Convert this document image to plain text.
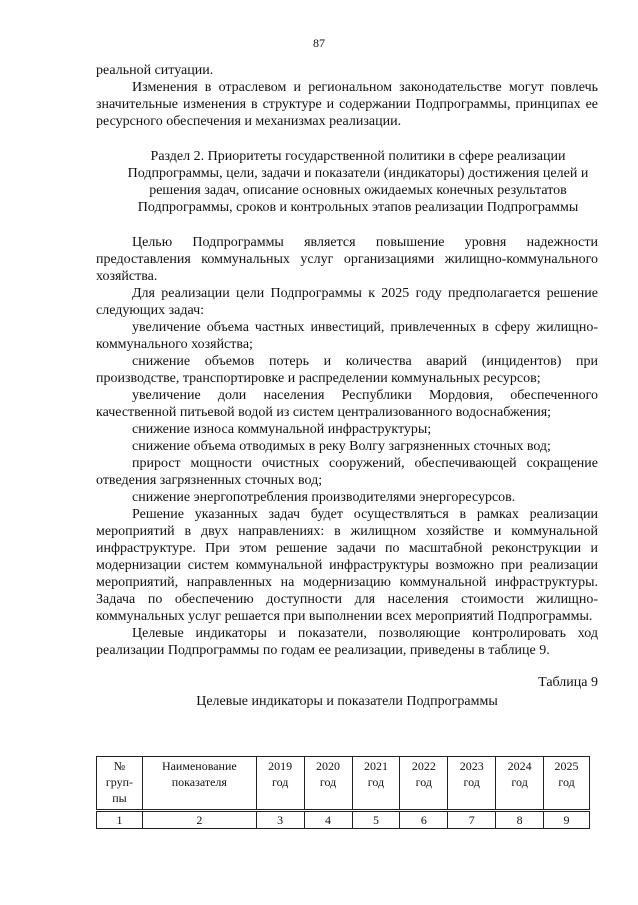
87

реальной ситуации.

Изменения в отраслевом и региональном законодательстве могут повлечь значительные изменения в структуре и содержании Подпрограммы, принципах ее ресурсного обеспечения и механизмах реализации.

Раздел 2. Приоритеты государственной политики в сфере реализации Подпрограммы, цели, задачи и показатели (индикаторы) достижения целей и решения задач, описание основных ожидаемых конечных результатов Подпрограммы, сроков и контрольных этапов реализации Подпрограммы

Целью Подпрограммы является повышение уровня надежности предоставления коммунальных услуг организациями жилищно-коммунального хозяйства.

Для реализации цели Подпрограммы к 2025 году предполагается решение следующих задач:

увеличение объема частных инвестиций, привлеченных в сферу жилищно-коммунального хозяйства;

снижение объемов потерь и количества аварий (инцидентов) при производстве, транспортировке и распределении коммунальных ресурсов;

увеличение доли населения Республики Мордовия, обеспеченного качественной питьевой водой из систем централизованного водоснабжения;

снижение износа коммунальной инфраструктуры;

снижение объема отводимых в реку Волгу загрязненных сточных вод;

прирост мощности очистных сооружений, обеспечивающей сокращение отведения загрязненных сточных вод;

снижение энергопотребления производителями энергоресурсов.

Решение указанных задач будет осуществляться в рамках реализации мероприятий в двух направлениях: в жилищном хозяйстве и коммунальной инфраструктуре. При этом решение задачи по масштабной реконструкции и модернизации систем коммунальной инфраструктуры возможно при реализации мероприятий, направленных на модернизацию коммунальной инфраструктуры. Задача по обеспечению доступности для населения стоимости жилищно-коммунальных услуг решается при выполнении всех мероприятий Подпрограммы.

Целевые индикаторы и показатели, позволяющие контролировать ход реализации Подпрограммы по годам ее реализации, приведены в таблице 9.

Таблица 9

Целевые индикаторы и показатели Подпрограммы

№ груп-пы	Наименование показателя	2019 год	2020 год	2021 год	2022 год	2023 год	2024 год	2025 год
1	2	3	4	5	6	7	8	9
